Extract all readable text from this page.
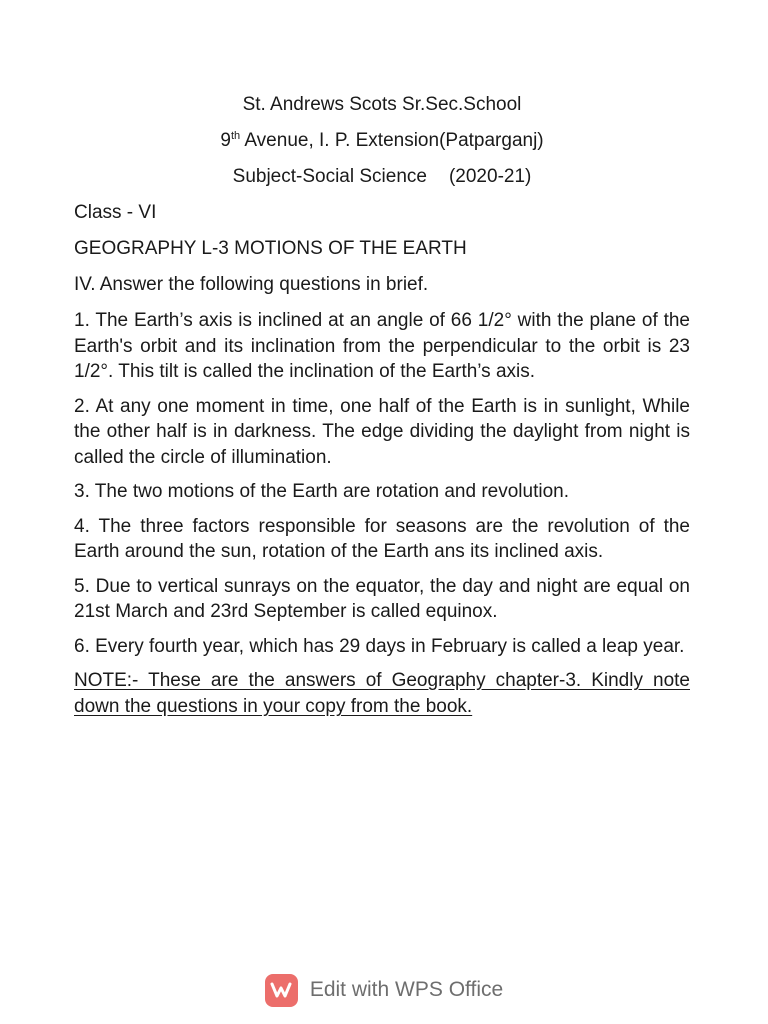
St. Andrews Scots Sr.Sec.School

9th Avenue, I. P. Extension(Patparganj)

Subject-Social Science (2020-21)

Class - VI

GEOGRAPHY L-3 MOTIONS OF THE EARTH

IV. Answer the following questions in brief.

1. The Earth’s axis is inclined at an angle of 66 1/2° with the plane of the Earth's orbit and its inclination from the perpendicular to the orbit is 23 1/2°. This tilt is called the inclination of the Earth’s axis.

2. At any one moment in time, one half of the Earth is in sunlight, While the other half is in darkness. The edge dividing the daylight from night is called the circle of illumination.

3. The two motions of the Earth are rotation and revolution.

4. The three factors responsible for seasons are the revolution of the Earth around the sun, rotation of the Earth ans its inclined axis.

5. Due to vertical sunrays on the equator, the day and night are equal on 21st March and 23rd September is called equinox.

6. Every fourth year, which has 29 days in February is called a leap year.

NOTE:- These are the answers of Geography chapter-3. Kindly note down the questions in your copy from the book.

Edit with WPS Office
